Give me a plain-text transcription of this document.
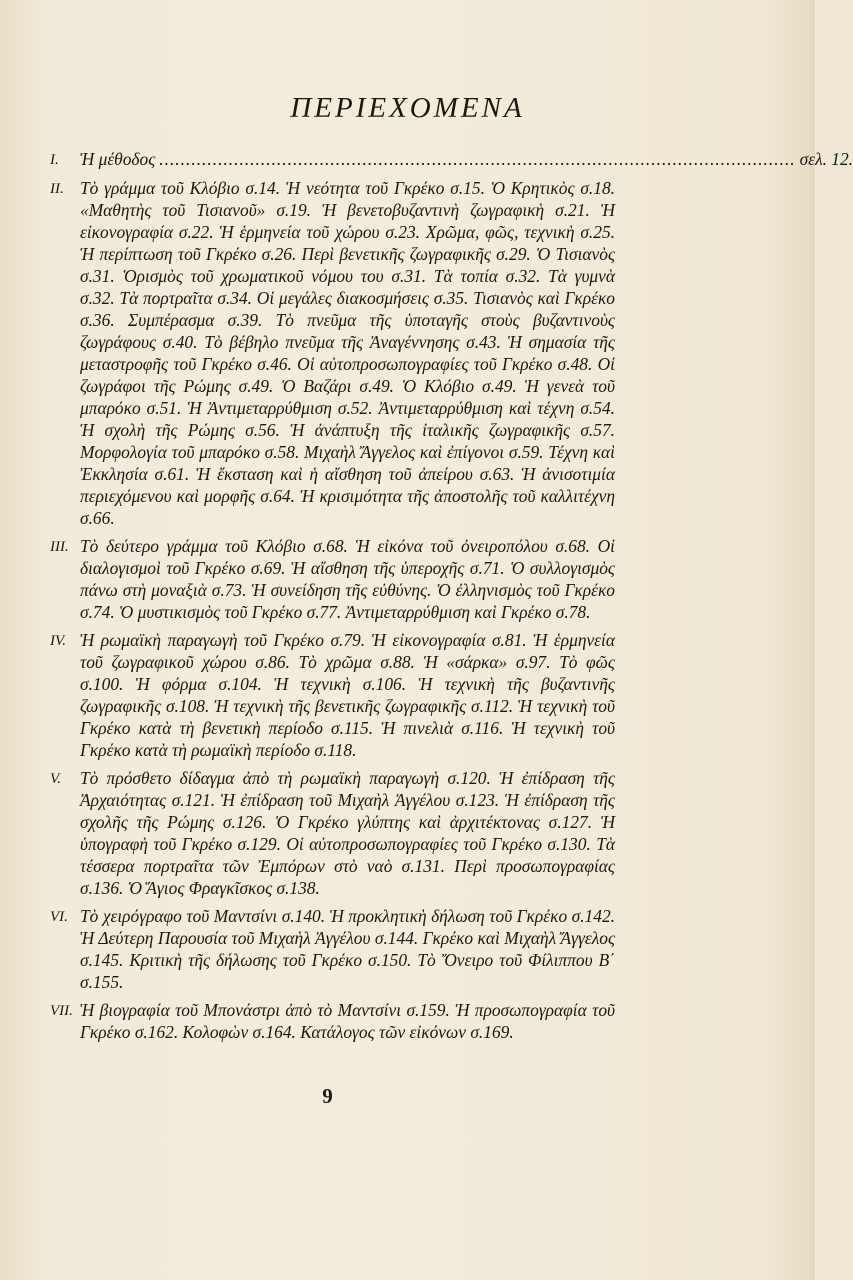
ΠΕΡΙΕΧΟΜΕΝΑ
I.	Ἡ μέθοδος ....................................................................................................................... σελ. 12.
II. Τὸ γράμμα τοῦ Κλόβιο σ.14. Ἡ νεότητα τοῦ Γκρέκο σ.15. Ὁ Κρητικὸς σ.18. «Μαθητὴς τοῦ Τισιανοῦ» σ.19. Ἡ βενετοβυζαντινὴ ζωγραφικὴ σ.21. Ἡ εἰκονογραφία σ.22. Ἡ ἑρμηνεία τοῦ χώρου σ.23. Χρῶμα, φῶς, τεχνικὴ σ.25. Ἡ περίπτωση τοῦ Γκρέκο σ.26. Περὶ βενετικῆς ζωγραφικῆς σ.29. Ὁ Τισιανὸς σ.31. Ὁρισμὸς τοῦ χρωματικοῦ νόμου του σ.31. Τὰ τοπία σ.32. Τὰ γυμνὰ σ.32. Τὰ πορτραῖτα σ.34. Οἱ μεγάλες διακοσμήσεις σ.35. Τισιανὸς καὶ Γκρέκο σ.36. Συμπέρασμα σ.39. Τὸ πνεῦμα τῆς ὑποταγῆς στοὺς βυζαντινοὺς ζωγράφους σ.40. Τὸ βέβηλο πνεῦμα τῆς Ἀναγέννησης σ.43. Ἡ σημασία τῆς μεταστροφῆς τοῦ Γκρέκο σ.46. Οἱ αὐτοπροσωπογραφίες τοῦ Γκρέκο σ.48. Οἱ ζωγράφοι τῆς Ρώμης σ.49. Ὁ Βαζάρι σ.49. Ὁ Κλόβιο σ.49. Ἡ γενεὰ τοῦ μπαρόκο σ.51. Ἡ Ἀντιμεταρρύθμιση σ.52. Ἀντιμεταρρύθμιση καὶ τέχνη σ.54. Ἡ σχολὴ τῆς Ρώμης σ.56. Ἡ ἀνάπτυξη τῆς ἰταλικῆς ζωγραφικῆς σ.57. Μορφολογία τοῦ μπαρόκο σ.58. Μιχαὴλ Ἄγγελος καὶ ἐπίγονοι σ.59. Τέχνη καὶ Ἐκκλησία σ.61. Ἡ ἔκσταση καὶ ἡ αἴσθηση τοῦ ἀπείρου σ.63. Ἡ ἀνισοτιμία περιεχόμενου καὶ μορφῆς σ.64. Ἡ κρισιμότητα τῆς ἀποστολῆς τοῦ καλλιτέχνη σ.66.
III. Τὸ δεύτερο γράμμα τοῦ Κλόβιο σ.68. Ἡ εἰκόνα τοῦ ὀνειροπόλου σ.68. Οἱ διαλογισμοὶ τοῦ Γκρέκο σ.69. Ἡ αἴσθηση τῆς ὑπεροχῆς σ.71. Ὁ συλλογισμὸς πάνω στὴ μοναξιὰ σ.73. Ἡ συνείδηση τῆς εὐθύνης. Ὁ ἐλληνισμὸς τοῦ Γκρέκο σ.74. Ὁ μυστικισμὸς τοῦ Γκρέκο σ.77. Ἀντιμεταρρύθμιση καὶ Γκρέκο σ.78.
IV. Ἡ ρωμαϊκὴ παραγωγὴ τοῦ Γκρέκο σ.79. Ἡ εἰκονογραφία σ.81. Ἡ ἑρμηνεία τοῦ ζωγραφικοῦ χώρου σ.86. Τὸ χρῶμα σ.88. Ἡ «σάρκα» σ.97. Τὸ φῶς σ.100. Ἡ φόρμα σ.104. Ἡ τεχνικὴ σ.106. Ἡ τεχνικὴ τῆς βυζαντινῆς ζωγραφικῆς σ.108. Ἡ τεχνικὴ τῆς βενετικῆς ζωγραφικῆς σ.112. Ἡ τεχνικὴ τοῦ Γκρέκο κατὰ τὴ βενετικὴ περίοδο σ.115. Ἡ πινελιὰ σ.116. Ἡ τεχνικὴ τοῦ Γκρέκο κατὰ τὴ ρωμαϊκὴ περίοδο σ.118.
V.	Τὸ πρόσθετο δίδαγμα ἀπὸ τὴ ρωμαϊκὴ παραγωγὴ σ.120. Ἡ ἐπίδραση τῆς Ἀρχαιότητας σ.121. Ἡ ἐπίδραση τοῦ Μιχαὴλ Ἀγγέλου σ.123. Ἡ ἐπίδραση τῆς σχολῆς τῆς Ρώμης σ.126. Ὁ Γκρέκο γλύπτης καὶ ἀρχιτέκτονας σ.127. Ἡ ὑπογραφὴ τοῦ Γκρέκο σ.129. Οἱ αὐτοπροσωπογραφίες τοῦ Γκρέκο σ.130. Τὰ τέσσερα πορτραῖτα τῶν Ἐμπόρων στὸ ναὸ σ.131. Περὶ προσωπογραφίας σ.136. Ὁ Ἅγιος Φραγκῖσκος σ.138.
VI. Τὸ χειρόγραφο τοῦ Μαντσίνι σ.140. Ἡ προκλητικὴ δήλωση τοῦ Γκρέκο σ.142. Ἡ Δεύτερη Παρουσία τοῦ Μιχαὴλ Ἀγγέλου σ.144. Γκρέκο καὶ Μιχαὴλ Ἄγγελος σ.145. Κριτικὴ τῆς δήλωσης τοῦ Γκρέκο σ.150. Τὸ Ὄνειρο τοῦ Φίλιππου Β΄ σ.155.
VII. Ἡ βιογραφία τοῦ Μπονάστρι ἀπὸ τὸ Μαντσίνι σ.159. Ἡ προσωπογραφία τοῦ Γκρέκο σ.162. Κολοφὼν σ.164. Κατάλογος τῶν εἰκόνων σ.169.
9
